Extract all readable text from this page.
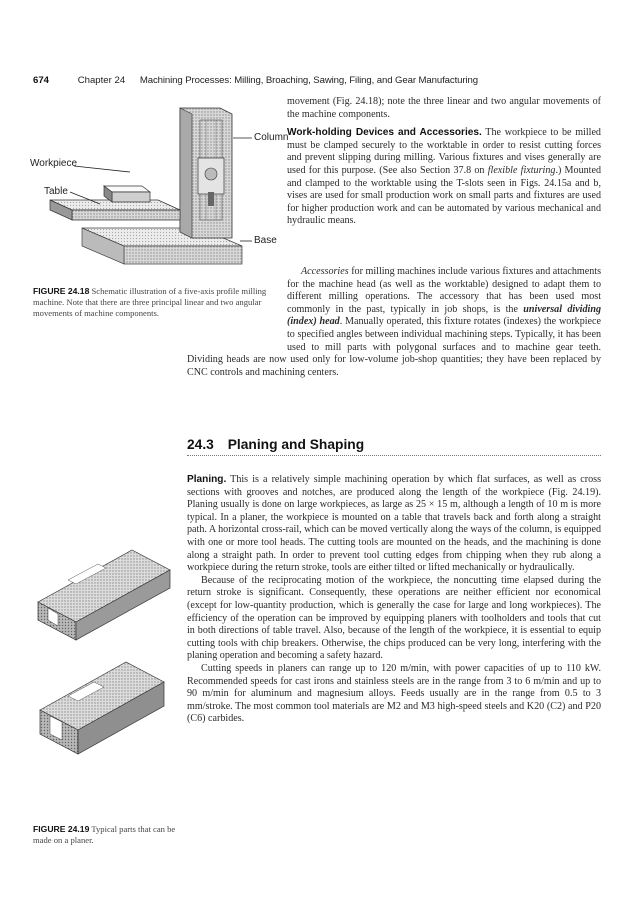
674	Chapter 24 Machining Processes: Milling, Broaching, Sawing, Filing, and Gear Manufacturing
Column
Workpiece
Table
Base
FIGURE 24.18 Schematic illustration of a five-axis profile milling machine. Note that there are three principal linear and two angular movements of machine components.

movement (Fig. 24.18); note the three linear and two angular movements of the machine components.

Work-holding Devices and Accessories. The workpiece to be milled must be clamped securely to the worktable in order to resist cutting forces and prevent slipping during milling. Various fixtures and vises generally are used for this purpose. (See also Section 37.8 on flexible fixturing.) Mounted and clamped to the worktable using the T-slots seen in Figs. 24.15a and b, vises are used for small production work on small parts and fixtures are used for higher production work and can be automated by various mechanical and hydraulic means.

Accessories for milling machines include various fixtures and attachments for the machine head (as well as the worktable) designed to adapt them to different milling operations. The accessory that has been used most commonly in the past, typically in job shops, is the universal dividing (index) head. Manually operated, this fixture rotates (indexes) the workpiece to specified angles between individual machining steps. Typically, it has been used to mill parts with polygonal surfaces and to machine gear teeth. Dividing heads are now used only for low-volume job-shop quantities; they have been replaced by CNC controls and machining centers.

24.3 Planing and Shaping
FIGURE 24.19 Typical parts that can be made on a planer.

Planing. This is a relatively simple machining operation by which flat surfaces, as well as cross sections with grooves and notches, are produced along the length of the workpiece (Fig. 24.19). Planing usually is done on large workpieces, as large as 25 × 15 m, although a length of 10 m is more typical. In a planer, the workpiece is mounted on a table that travels back and forth along a straight path. A horizontal cross-rail, which can be moved vertically along the ways of the column, is equipped with one or more tool heads. The cutting tools are mounted on the heads, and the machining is done along a straight path. In order to prevent tool cutting edges from chipping when they rub along a workpiece during the return stroke, tools are either tilted or lifted mechanically or hydraulically.

Because of the reciprocating motion of the workpiece, the noncutting time elapsed during the return stroke is significant. Consequently, these operations are neither efficient nor economical (except for low-quantity production, which is generally the case for large and long workpieces). The efficiency of the operation can be improved by equipping planers with toolholders and tools that cut in both directions of table travel. Also, because of the length of the workpiece, it is essential to equip cutting tools with chip breakers. Otherwise, the chips produced can be very long, interfering with the planing operation and becoming a safety hazard.

Cutting speeds in planers can range up to 120 m/min, with power capacities of up to 110 kW. Recommended speeds for cast irons and stainless steels are in the range from 3 to 6 m/min and up to 90 m/min for aluminum and magnesium alloys. Feeds usually are in the range from 0.5 to 3 mm/stroke. The most common tool materials are M2 and M3 high-speed steels and K20 (C2) and P20 (C6) carbides.
